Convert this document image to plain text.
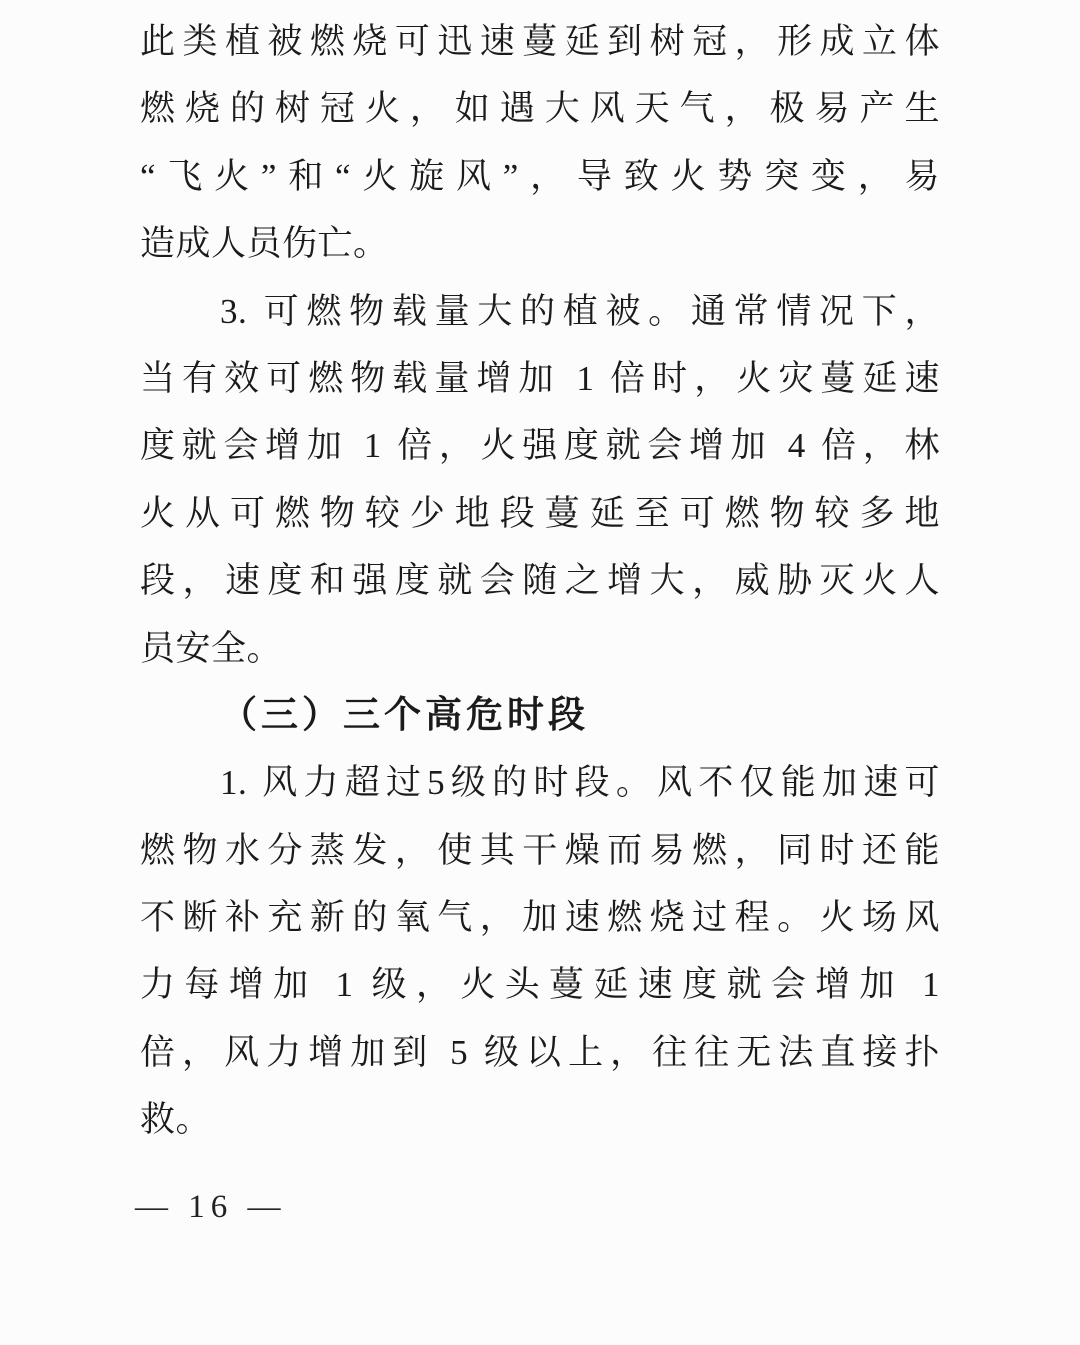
此类植被燃烧可迅速蔓延到树冠，形成立体
燃烧的树冠火，如遇大风天气，极易产生
“飞火”和“火旋风”，导致火势突变，易
造成人员伤亡。
3. 可燃物载量大的植被。通常情况下，
当有效可燃物载量增加 1 倍时，火灾蔓延速
度就会增加 1 倍，火强度就会增加 4 倍，林
火从可燃物较少地段蔓延至可燃物较多地
段，速度和强度就会随之增大，威胁灭火人
员安全。
（三）三个高危时段
1. 风力超过5级的时段。风不仅能加速可
燃物水分蒸发，使其干燥而易燃，同时还能
不断补充新的氧气，加速燃烧过程。火场风
力每增加 1 级，火头蔓延速度就会增加 1
倍，风力增加到 5 级以上，往往无法直接扑
救。
— 16 —
